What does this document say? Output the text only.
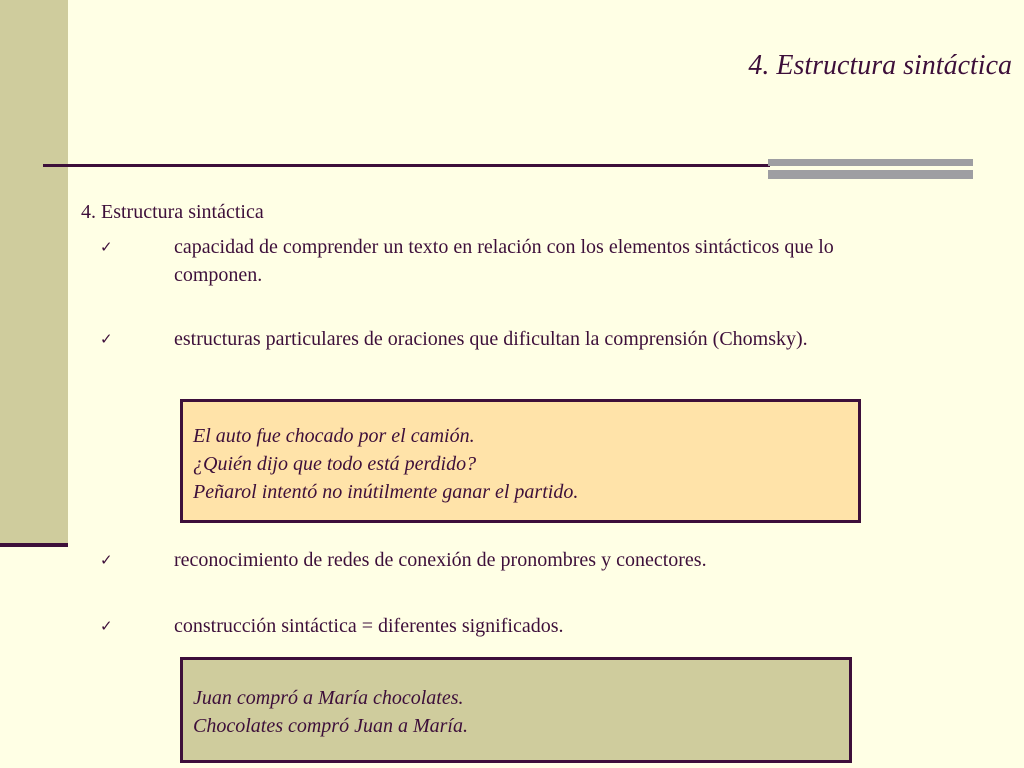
4. Estructura sintáctica
4. Estructura sintáctica
✓	capacidad de comprender un texto en relación con los elementos sintácticos que lo componen.
✓	estructuras particulares de oraciones que dificultan la comprensión (Chomsky).
El auto fue chocado por el camión.
¿Quién dijo que todo está perdido?
Peñarol intentó no inútilmente ganar el partido.
✓	reconocimiento de redes de conexión de pronombres y conectores.
✓	construcción sintáctica = diferentes significados.
Juan compró a María chocolates.
Chocolates compró Juan a María.
